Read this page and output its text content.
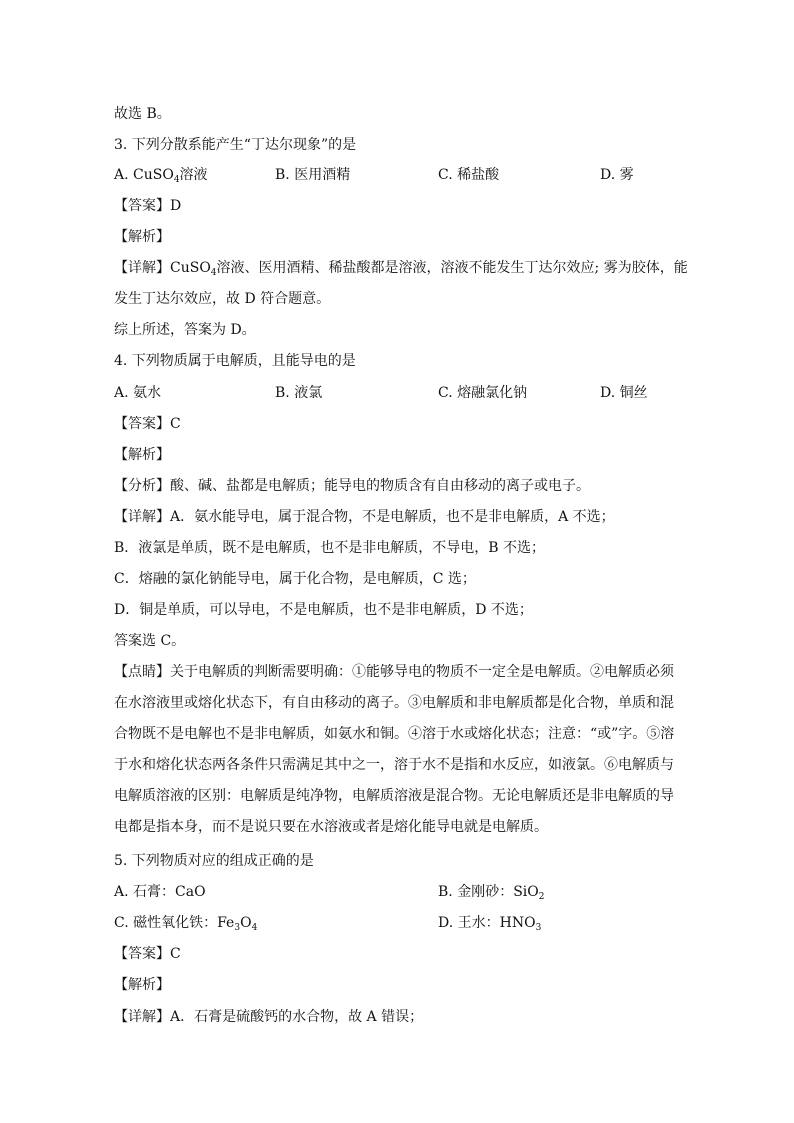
故选 B。
3. 下列分散系能产生“丁达尔现象”的是
A. CuSO$_4$溶液	B. 医用酒精	C. 稀盐酸	D. 雾
【答案】D
【解析】
【详解】CuSO$_4$溶液、医用酒精、稀盐酸都是溶液，溶液不能发生丁达尔效应; 雾为胶体，能
发生丁达尔效应，故 D 符合题意。
综上所述，答案为 D。
4. 下列物质属于电解质，且能导电的是
A. 氨水	B. 液氯	C. 熔融氯化钠	D. 铜丝
【答案】C
【解析】
【分析】酸、碱、盐都是电解质；能导电的物质含有自由移动的离子或电子。
【详解】A．氨水能导电，属于混合物，不是电解质，也不是非电解质，A 不选；
B．液氯是单质，既不是电解质，也不是非电解质，不导电，B 不选；
C．熔融的氯化钠能导电，属于化合物，是电解质，C 选；
D．铜是单质，可以导电，不是电解质，也不是非电解质，D 不选；
答案选 C。
【点睛】关于电解质的判断需要明确：①能够导电的物质不一定全是电解质。②电解质必须
在水溶液里或熔化状态下，有自由移动的离子。③电解质和非电解质都是化合物，单质和混
合物既不是电解也不是非电解质，如氨水和铜。④溶于水或熔化状态；注意：“或”字。⑤溶
于水和熔化状态两各条件只需满足其中之一，溶于水不是指和水反应，如液氯。⑥电解质与
电解质溶液的区别：电解质是纯净物，电解质溶液是混合物。无论电解质还是非电解质的导
电都是指本身，而不是说只要在水溶液或者是熔化能导电就是电解质。
5. 下列物质对应的组成正确的是
A. 石膏：CaO	B. 金刚砂：SiO$_2$
C. 磁性氧化铁：$Fe_3O_4$	D. 王水：$HNO_3$
【答案】C
【解析】
【详解】A．石膏是硫酸钙的水合物，故 A 错误；
